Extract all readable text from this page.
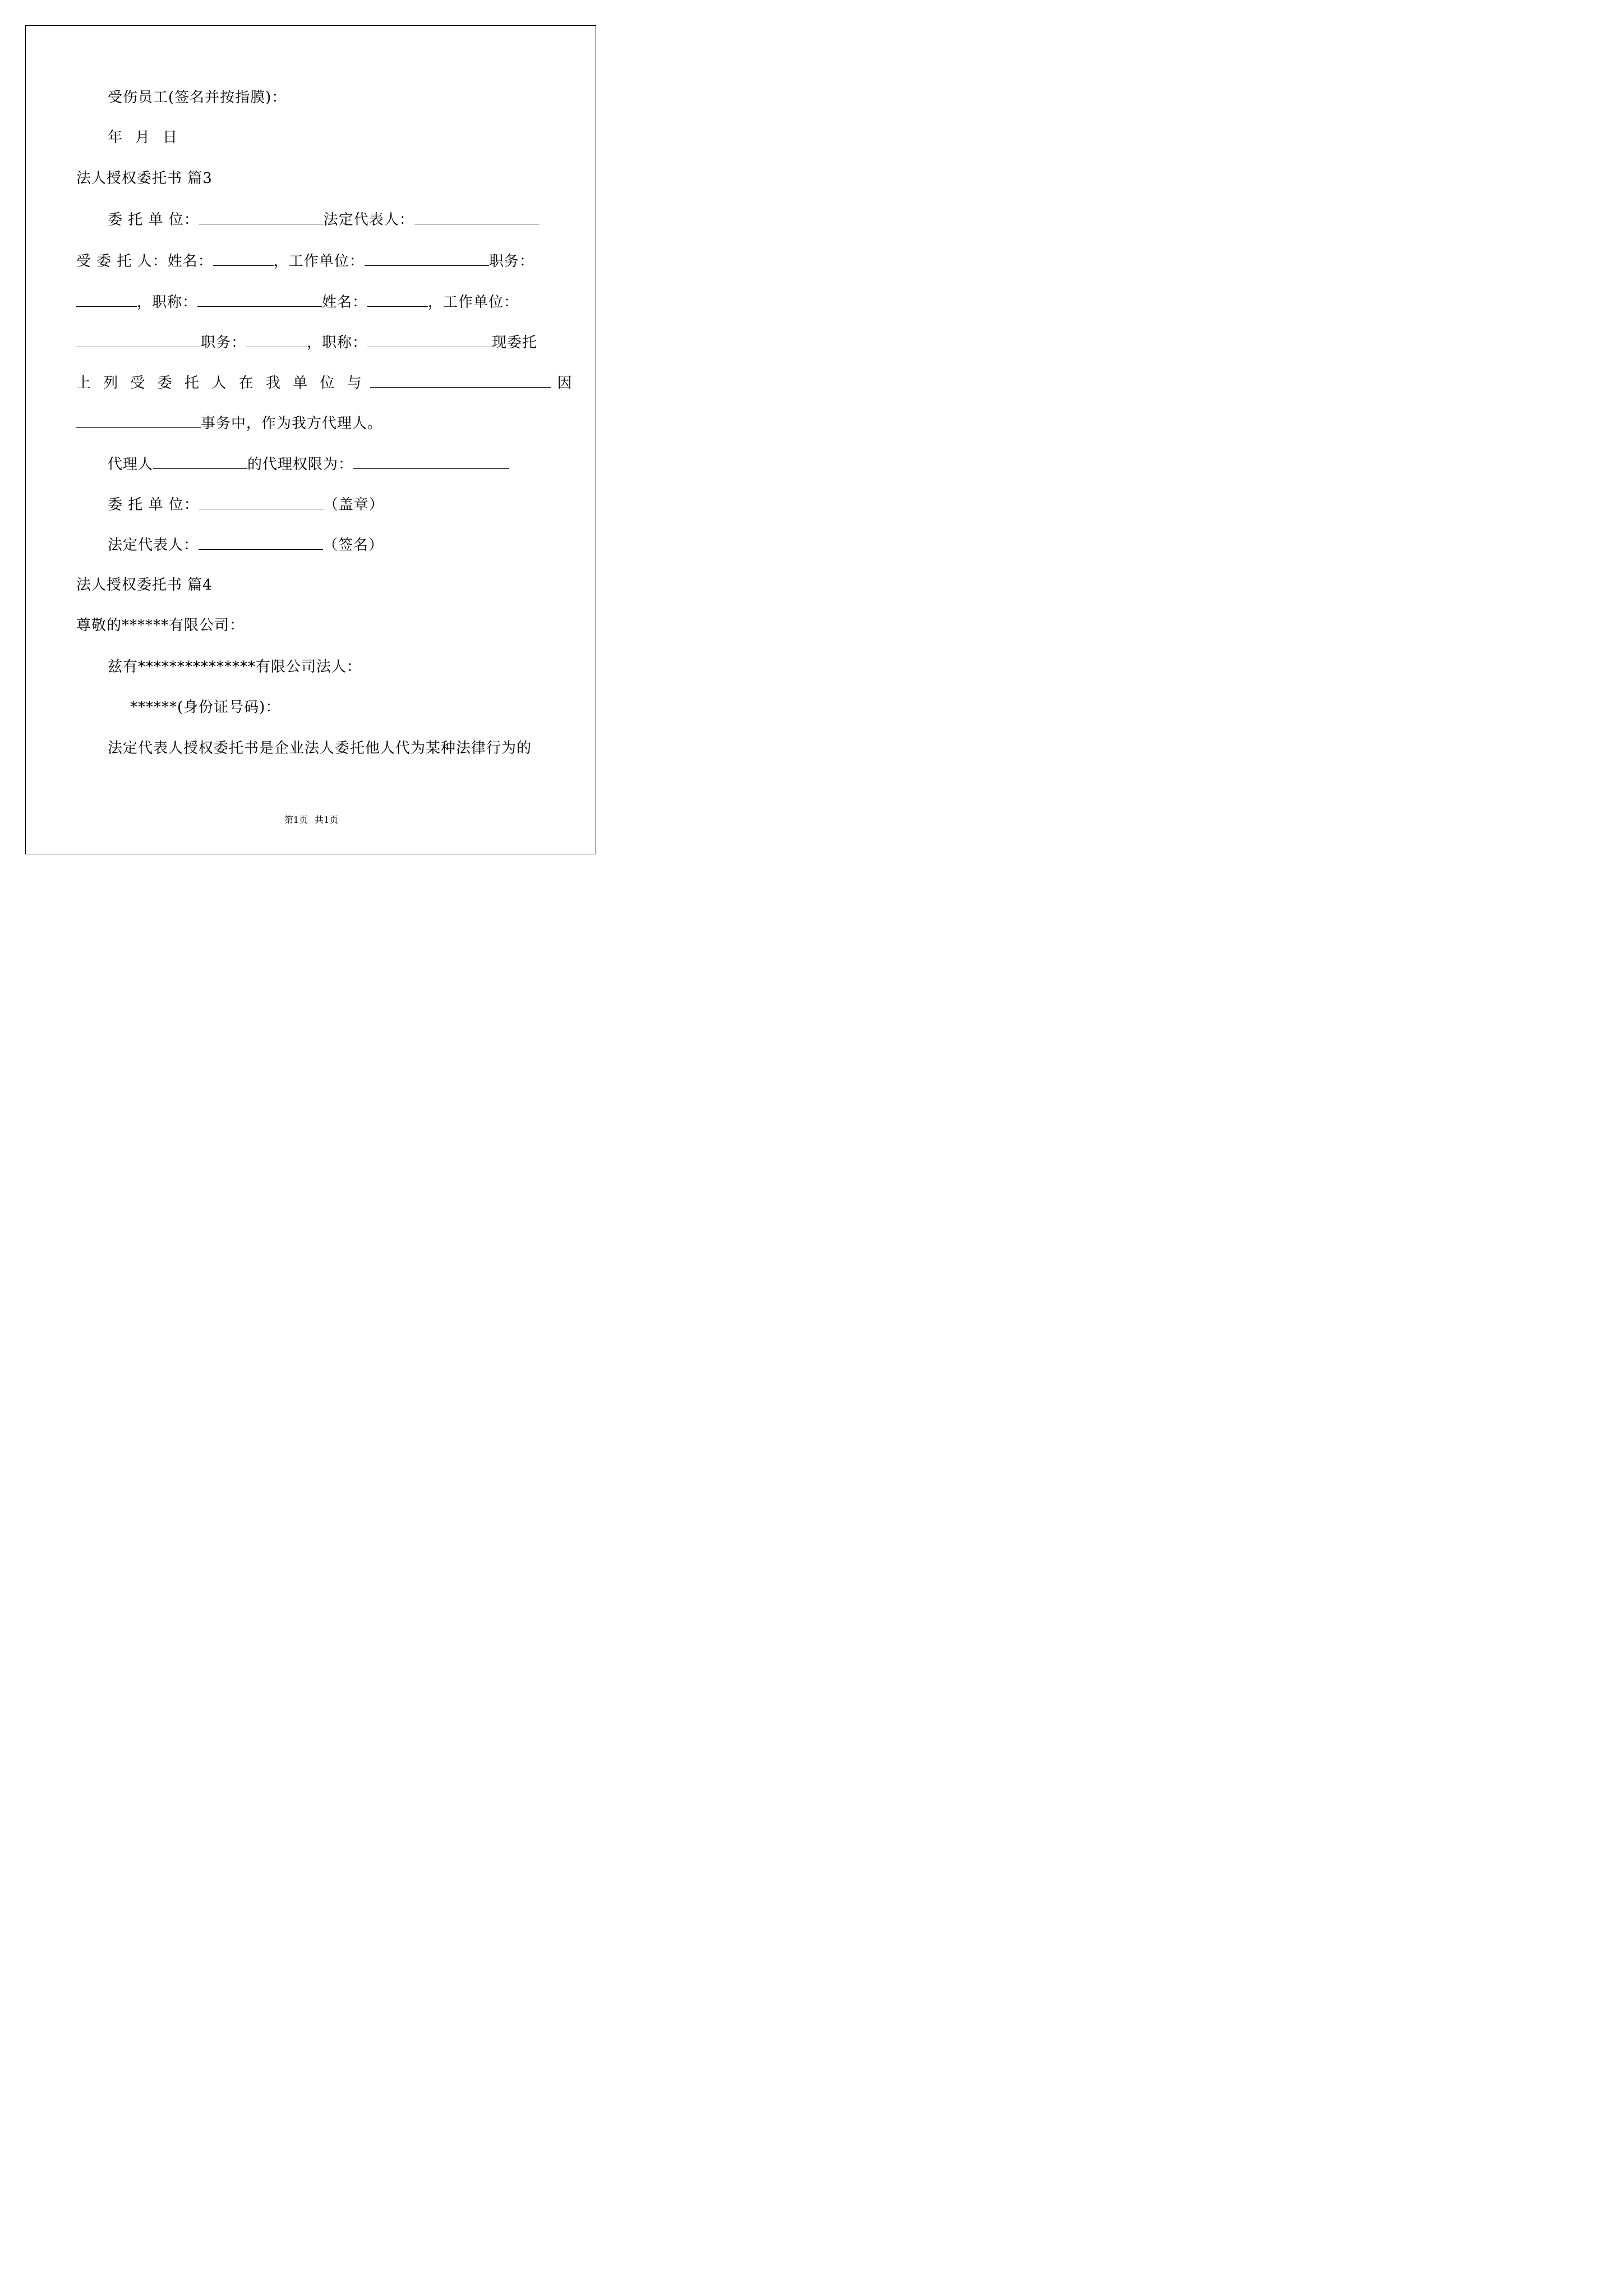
受伤员工(签名并按指膜)：
年 月 日
法人授权委托书 篇3
委 托 单 位：	法定代表人：
受 委 托 人：姓名：	，工作单位：	职务：
，职称：	姓名：	，工作单位：
职务：	，职称：	现委托
上 列 受 委 托 人 在 我 单 位 与	因
事务中，作为我方代理人。
代理人	的代理权限为：
委 托 单 位：	（盖章）
法定代表人：	（签名）
法人授权委托书 篇4
尊敬的******有限公司：
兹有***************有限公司法人：
******(身份证号码)：
法定代表人授权委托书是企业法人委托他人代为某种法律行为的
第1页 共1页
